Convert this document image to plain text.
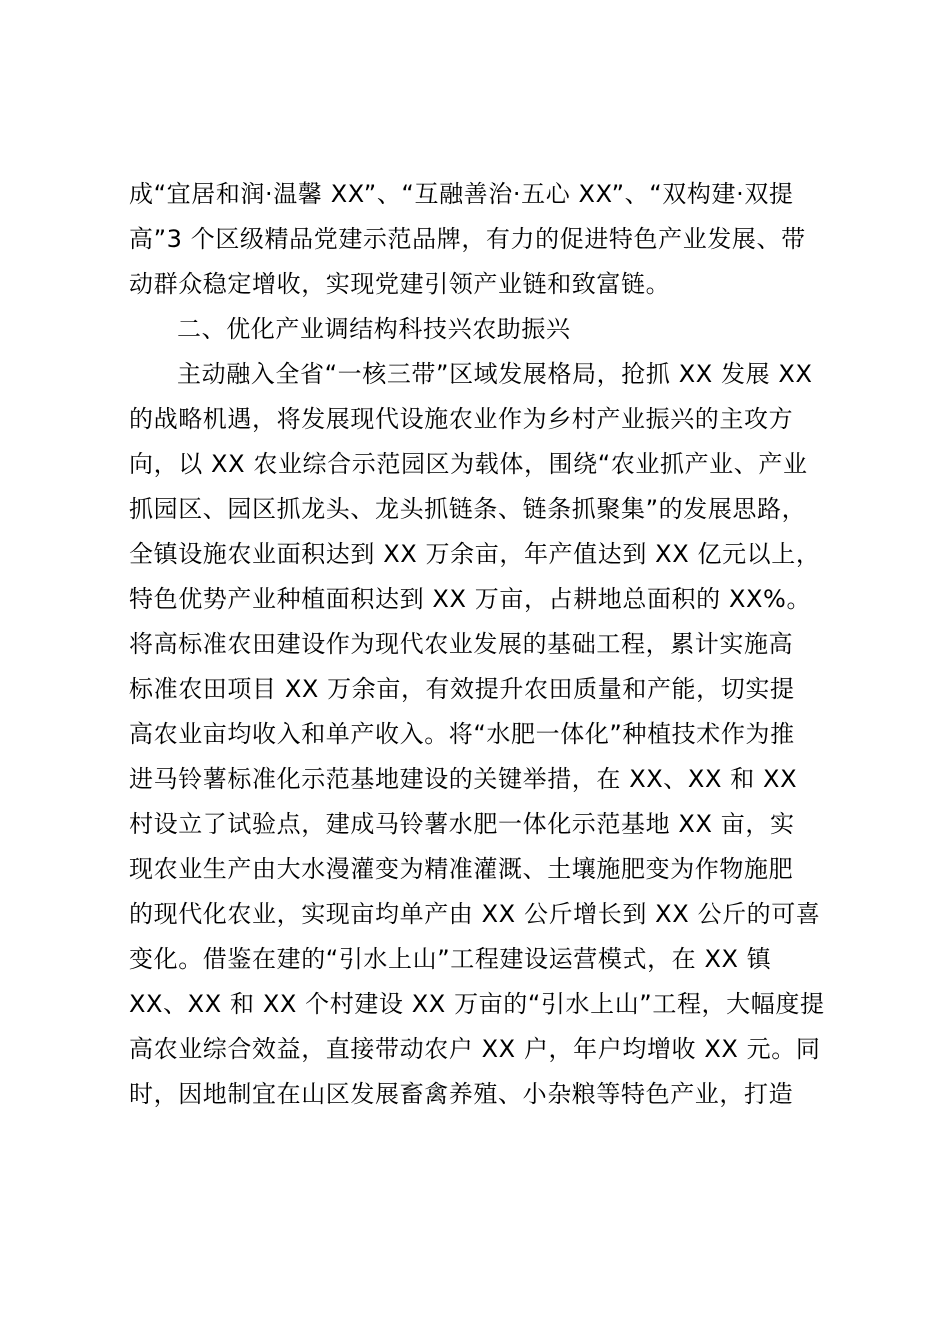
成“宜居和润·温馨 XX”、“互融善治·五心 XX”、“双构建·双提
高”3 个区级精品党建示范品牌，有力的促进特色产业发展、带
动群众稳定增收，实现党建引领产业链和致富链。
二、优化产业调结构科技兴农助振兴
主动融入全省“一核三带”区域发展格局，抢抓 XX 发展 XX
的战略机遇，将发展现代设施农业作为乡村产业振兴的主攻方
向，以 XX 农业综合示范园区为载体，围绕“农业抓产业、产业
抓园区、园区抓龙头、龙头抓链条、链条抓聚集”的发展思路，
全镇设施农业面积达到 XX 万余亩，年产值达到 XX 亿元以上，
特色优势产业种植面积达到 XX 万亩，占耕地总面积的 XX%。
将高标准农田建设作为现代农业发展的基础工程，累计实施高
标准农田项目 XX 万余亩，有效提升农田质量和产能，切实提
高农业亩均收入和单产收入。将“水肥一体化”种植技术作为推
进马铃薯标准化示范基地建设的关键举措，在 XX、XX 和 XX
村设立了试验点，建成马铃薯水肥一体化示范基地 XX 亩，实
现农业生产由大水漫灌变为精准灌溉、土壤施肥变为作物施肥
的现代化农业，实现亩均单产由 XX 公斤增长到 XX 公斤的可喜
变化。借鉴在建的“引水上山”工程建设运营模式，在 XX 镇
XX、XX 和 XX 个村建设 XX 万亩的“引水上山”工程，大幅度提
高农业综合效益，直接带动农户 XX 户，年户均增收 XX 元。同
时，因地制宜在山区发展畜禽养殖、小杂粮等特色产业，打造
